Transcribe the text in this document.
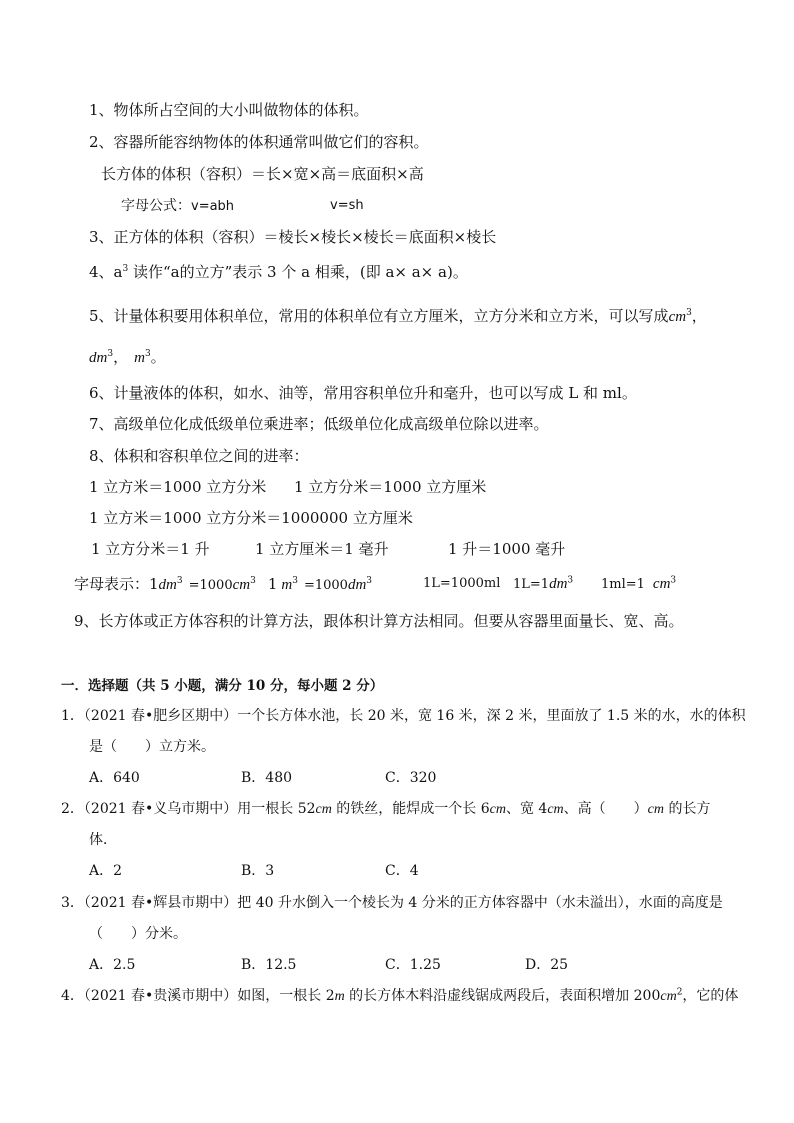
1、物体所占空间的大小叫做物体的体积。
2、容器所能容纳物体的体积通常叫做它们的容积。
长方体的体积（容积）＝长×宽×高＝底面积×高
字母公式：v=abh	v=sh
3、正方体的体积（容积）＝棱长×棱长×棱长＝底面积×棱长
4、$a^3$ 读作“a的立方”表示 3 个 a 相乘，(即 a× a× a)。
5、计量体积要用体积单位，常用的体积单位有立方厘米，立方分米和立方米，可以写成$cm^3$，
$dm^3$， $m^3$。
6、计量液体的体积，如水、油等，常用容积单位升和毫升，也可以写成 L 和 ml。
7、高级单位化成低级单位乘进率；低级单位化成高级单位除以进率。
8、体积和容积单位之间的进率：
1 立方米＝1000 立方分米 1 立方分米＝1000 立方厘米
1 立方米＝1000 立方分米＝1000000 立方厘米
1 立方分米＝1 升	1 立方厘米＝1 毫升	1 升＝1000 毫升
字母表示：$1dm^3 =1000cm^3$ 1 $m^3 =1000dm^3$	1L=1000ml $1L=1dm^3$ 1ml=1 $cm^3$
9、长方体或正方体容积的计算方法，跟体积计算方法相同。但要从容器里面量长、宽、高。
一．选择题（共 5 小题，满分 10 分，每小题 2 分）
1．（2021 春•肥乡区期中）一个长方体水池，长 20 米，宽 16 米，深 2 米，里面放了 1.5 米的水，水的体积
是（　　）立方米。
A．640	B．480	C．320
2．（2021 春•义乌市期中）用一根长 52cm 的铁丝，能焊成一个长 6cm、宽 4cm、高（　　）cm 的长方
体．
A．2	B．3	C．4
3．（2021 春•辉县市期中）把 40 升水倒入一个棱长为 4 分米的正方体容器中（水未溢出），水面的高度是
（　　）分米。
A．2.5	B．12.5	C．1.25	D．25
4．（2021 春•贵溪市期中）如图，一根长 2m 的长方体木料沿虚线锯成两段后，表面积增加 $200cm^2$，它的体
